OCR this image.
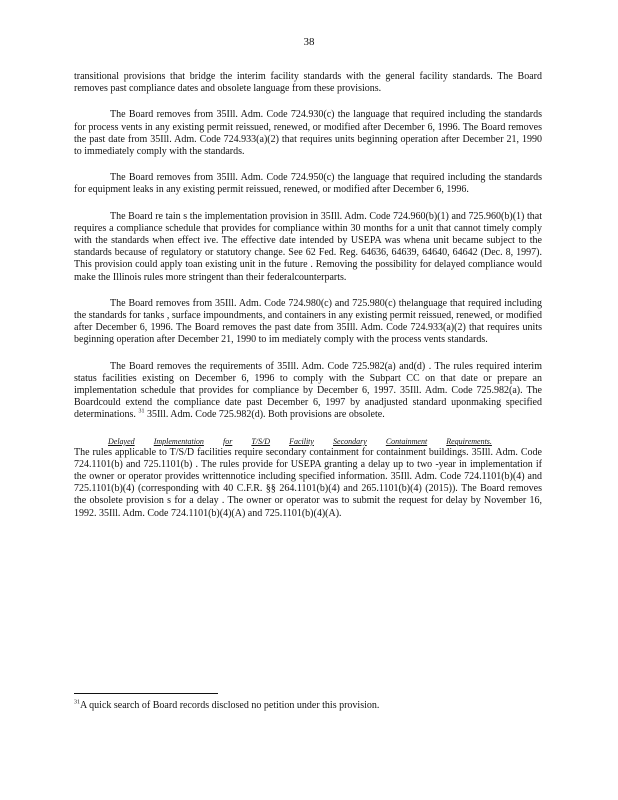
38

transitional provisions that bridge the interim facility standards with the general facility standards. The Board removes past compliance dates and obsolete language from these provisions.

The Board removes from 35Ill. Adm. Code 724.930(c) the language that required including the standards for process vents in any existing permit reissued, renewed, or modified after December 6, 1996. The Board removes the past date from 35Ill. Adm. Code 724.933(a)(2) that requires units beginning operation after December 21, 1990 to immediately comply with the standards.

The Board removes from 35Ill. Adm. Code 724.950(c) the language that required including the standards for equipment leaks in any existing permit reissued, renewed, or modified after December 6, 1996.

The Board re tain s the implementation provision in 35Ill. Adm. Code 724.960(b)(1) and 725.960(b)(1) that requires a compliance schedule that provides for compliance within 30 months for a unit that cannot timely comply with the standards when effect ive. The effective date intended by USEPA was whena unit became subject to the standards because of regulatory or statutory change. See 62 Fed. Reg. 64636, 64639, 64640, 64642 (Dec. 8, 1997). This provision could apply toan existing unit in the future . Removing the possibility for delayed compliance would make the Illinois rules more stringent than their federalcounterparts.

The Board removes from 35Ill. Adm. Code 724.980(c) and 725.980(c) thelanguage that required including the standards for tanks , surface impoundments, and containers in any existing permit reissued, renewed, or modified after December 6, 1996. The Board removes the past date from 35Ill. Adm. Code 724.933(a)(2) that requires units beginning operation after December 21, 1990 to im mediately comply with the process vents standards.

The Board removes the requirements of 35Ill. Adm. Code 725.982(a) and(d) . The rules required interim status facilities existing on December 6, 1996 to comply with the Subpart CC on that date or prepare an implementation schedule that provides for compliance by December 6, 1997. 35Ill. Adm. Code 725.982(a). The Boardcould extend the compliance date past December 6, 1997 by anadjusted standard uponmaking specified determinations. $^{31}$ 35Ill. Adm. Code 725.982(d). Both provisions are obsolete.

Delayed Implementation for T/S/D Facility Secondary Containment Requirements.

The rules applicable to T/S/D facilities require secondary containment for containment buildings. 35Ill. Adm. Code 724.1101(b) and 725.1101(b) . The rules provide for USEPA granting a delay up to two -year in implementation if the owner or operator provides writtennotice including specified information. 35Ill. Adm. Code 724.1101(b)(4) and 725.1101(b)(4) (corresponding with 40 C.F.R. §§ 264.1101(b)(4) and 265.1101(b)(4) (2015)). The Board removes the obsolete provision s for a delay . The owner or operator was to submit the request for delay by November 16, 1992. 35Ill. Adm. Code 724.1101(b)(4)(A) and 725.1101(b)(4)(A).

$^{31}$A quick search of Board records disclosed no petition under this provision.
